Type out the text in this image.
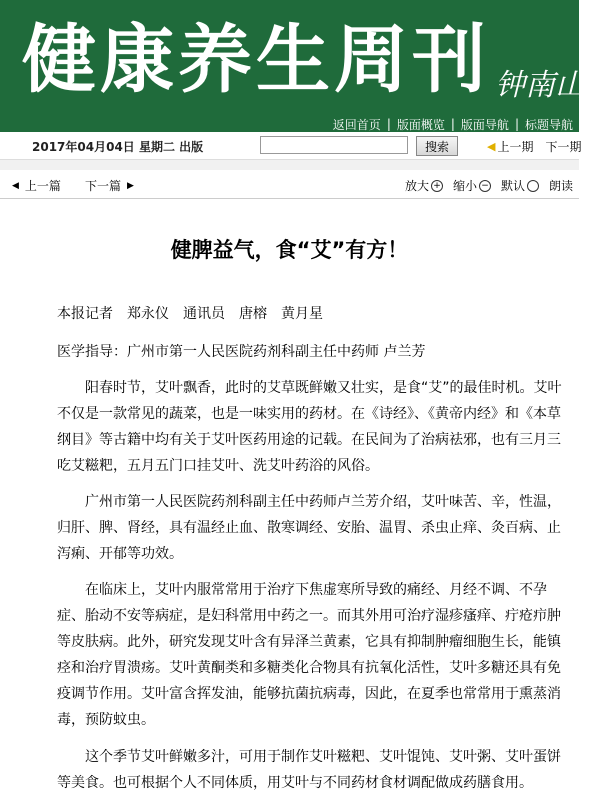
健康养生周刊 钟南山题
返回首页 | 版面概览 | 版面导航 | 标题导航
2017年04月04日 星期二 出版	搜索	◀ 上一期 下一期
◀ 上一篇 下一篇 ▶	放大 + 缩小 − 默认 朗读
健脾益气，食“艾”有方！
本报记者 郑永仪 通讯员 唐榕 黄月星
医学指导：广州市第一人民医院药剂科副主任中药师 卢兰芳

　　阳春时节，艾叶飘香，此时的艾草既鲜嫩又壮实，是食“艾”的最佳时机。艾叶不仅是一款常见的蔬菜，也是一味实用的药材。在《诗经》、《黄帝内经》和《本草纲目》等古籍中均有关于艾叶医药用途的记载。在民间为了治病祛邪，也有三月三吃艾糍粑，五月五门口挂艾叶、洗艾叶药浴的风俗。

　　广州市第一人民医院药剂科副主任中药师卢兰芳介绍，艾叶味苦、辛，性温，归肝、脾、肾经，具有温经止血、散寒调经、安胎、温胃、杀虫止痒、灸百病、止泻痢、开郁等功效。

　　在临床上，艾叶内服常常用于治疗下焦虚寒所导致的痛经、月经不调、不孕症、胎动不安等病症，是妇科常用中药之一。而其外用可治疗湿疹瘙痒、疔疮疖肿等皮肤病。此外，研究发现艾叶含有异泽兰黄素，它具有抑制肿瘤细胞生长，能镇痉和治疗胃溃疡。艾叶黄酮类和多糖类化合物具有抗氧化活性，艾叶多糖还具有免疫调节作用。艾叶富含挥发油，能够抗菌抗病毒，因此，在夏季也常常用于熏蒸消毒，预防蚊虫。

　　这个季节艾叶鲜嫩多汁，可用于制作艾叶糍粑、艾叶馄饨、艾叶粥、艾叶蛋饼等美食。也可根据个人不同体质，用艾叶与不同药材食材调配做成药膳食用。
